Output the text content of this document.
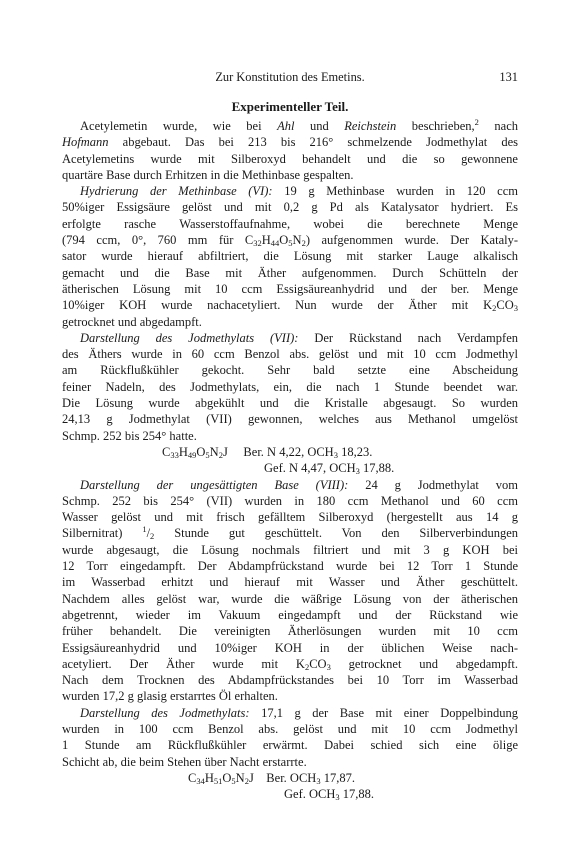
Zur Konstitution des Emetins.	131
Experimenteller Teil.
Acetylemetin wurde, wie bei Ahl und Reichstein beschrieben,$^2$ nach
Hofmann abgebaut. Das bei 213 bis 216° schmelzende Jodmethylat des
Acetylemetins wurde mit Silberoxyd behandelt und die so gewonnene
quartäre Base durch Erhitzen in die Methinbase gespalten.
Hydrierung der Methinbase (VI): 19 g Methinbase wurden in 120 ccm
50%iger Essigsäure gelöst und mit 0,2 g Pd als Katalysator hydriert. Es
erfolgte rasche Wasserstoffaufnahme, wobei die berechnete Menge
(794 ccm, 0°, 760 mm für $C_{32}H_{44}O_5N_2$) aufgenommen wurde. Der Kataly-
sator wurde hierauf abfiltriert, die Lösung mit starker Lauge alkalisch
gemacht und die Base mit Äther aufgenommen. Durch Schütteln der
ätherischen Lösung mit 10 ccm Essigsäureanhydrid und der ber. Menge
10%iger KOH wurde nachacetyliert. Nun wurde der Äther mit $K_2CO_3$
getrocknet und abgedampft.
Darstellung des Jodmethylats (VII): Der Rückstand nach Verdampfen
des Äthers wurde in 60 ccm Benzol abs. gelöst und mit 10 ccm Jodmethyl
am Rückflußkühler gekocht. Sehr bald setzte eine Abscheidung
feiner Nadeln, des Jodmethylats, ein, die nach 1 Stunde beendet war.
Die Lösung wurde abgekühlt und die Kristalle abgesaugt. So wurden
24,13 g Jodmethylat (VII) gewonnen, welches aus Methanol umgelöst
Schmp. 252 bis 254° hatte.
$C_{33}H_{49}O_5N_2J$     Ber. N 4,22, $OCH_3$ 18,23.
Gef. N 4,47, $OCH_3$ 17,88.
Darstellung der ungesättigten Base (VIII): 24 g Jodmethylat vom
Schmp. 252 bis 254° (VII) wurden in 180 ccm Methanol und 60 ccm
Wasser gelöst und mit frisch gefälltem Silberoxyd (hergestellt aus 14 g
Silbernitrat) $^1/_2$ Stunde gut geschüttelt. Von den Silberverbindungen
wurde abgesaugt, die Lösung nochmals filtriert und mit 3 g KOH bei
12 Torr eingedampft. Der Abdampfrückstand wurde bei 12 Torr 1 Stunde
im Wasserbad erhitzt und hierauf mit Wasser und Äther geschüttelt.
Nachdem alles gelöst war, wurde die wäßrige Lösung von der ätherischen
abgetrennt, wieder im Vakuum eingedampft und der Rückstand wie
früher behandelt. Die vereinigten Ätherlösungen wurden mit 10 ccm
Essigsäureanhydrid und 10%iger KOH in der üblichen Weise nach-
acetyliert. Der Äther wurde mit $K_2CO_3$ getrocknet und abgedampft.
Nach dem Trocknen des Abdampfrückstandes bei 10 Torr im Wasserbad
wurden 17,2 g glasig erstarrtes Öl erhalten.
Darstellung des Jodmethylats: 17,1 g der Base mit einer Doppelbindung
wurden in 100 ccm Benzol abs. gelöst und mit 10 ccm Jodmethyl
1 Stunde am Rückflußkühler erwärmt. Dabei schied sich eine ölige
Schicht ab, die beim Stehen über Nacht erstarrte.
$C_{34}H_{51}O_5N_2J$    Ber. $OCH_3$ 17,87.
Gef. $OCH_3$ 17,88.
